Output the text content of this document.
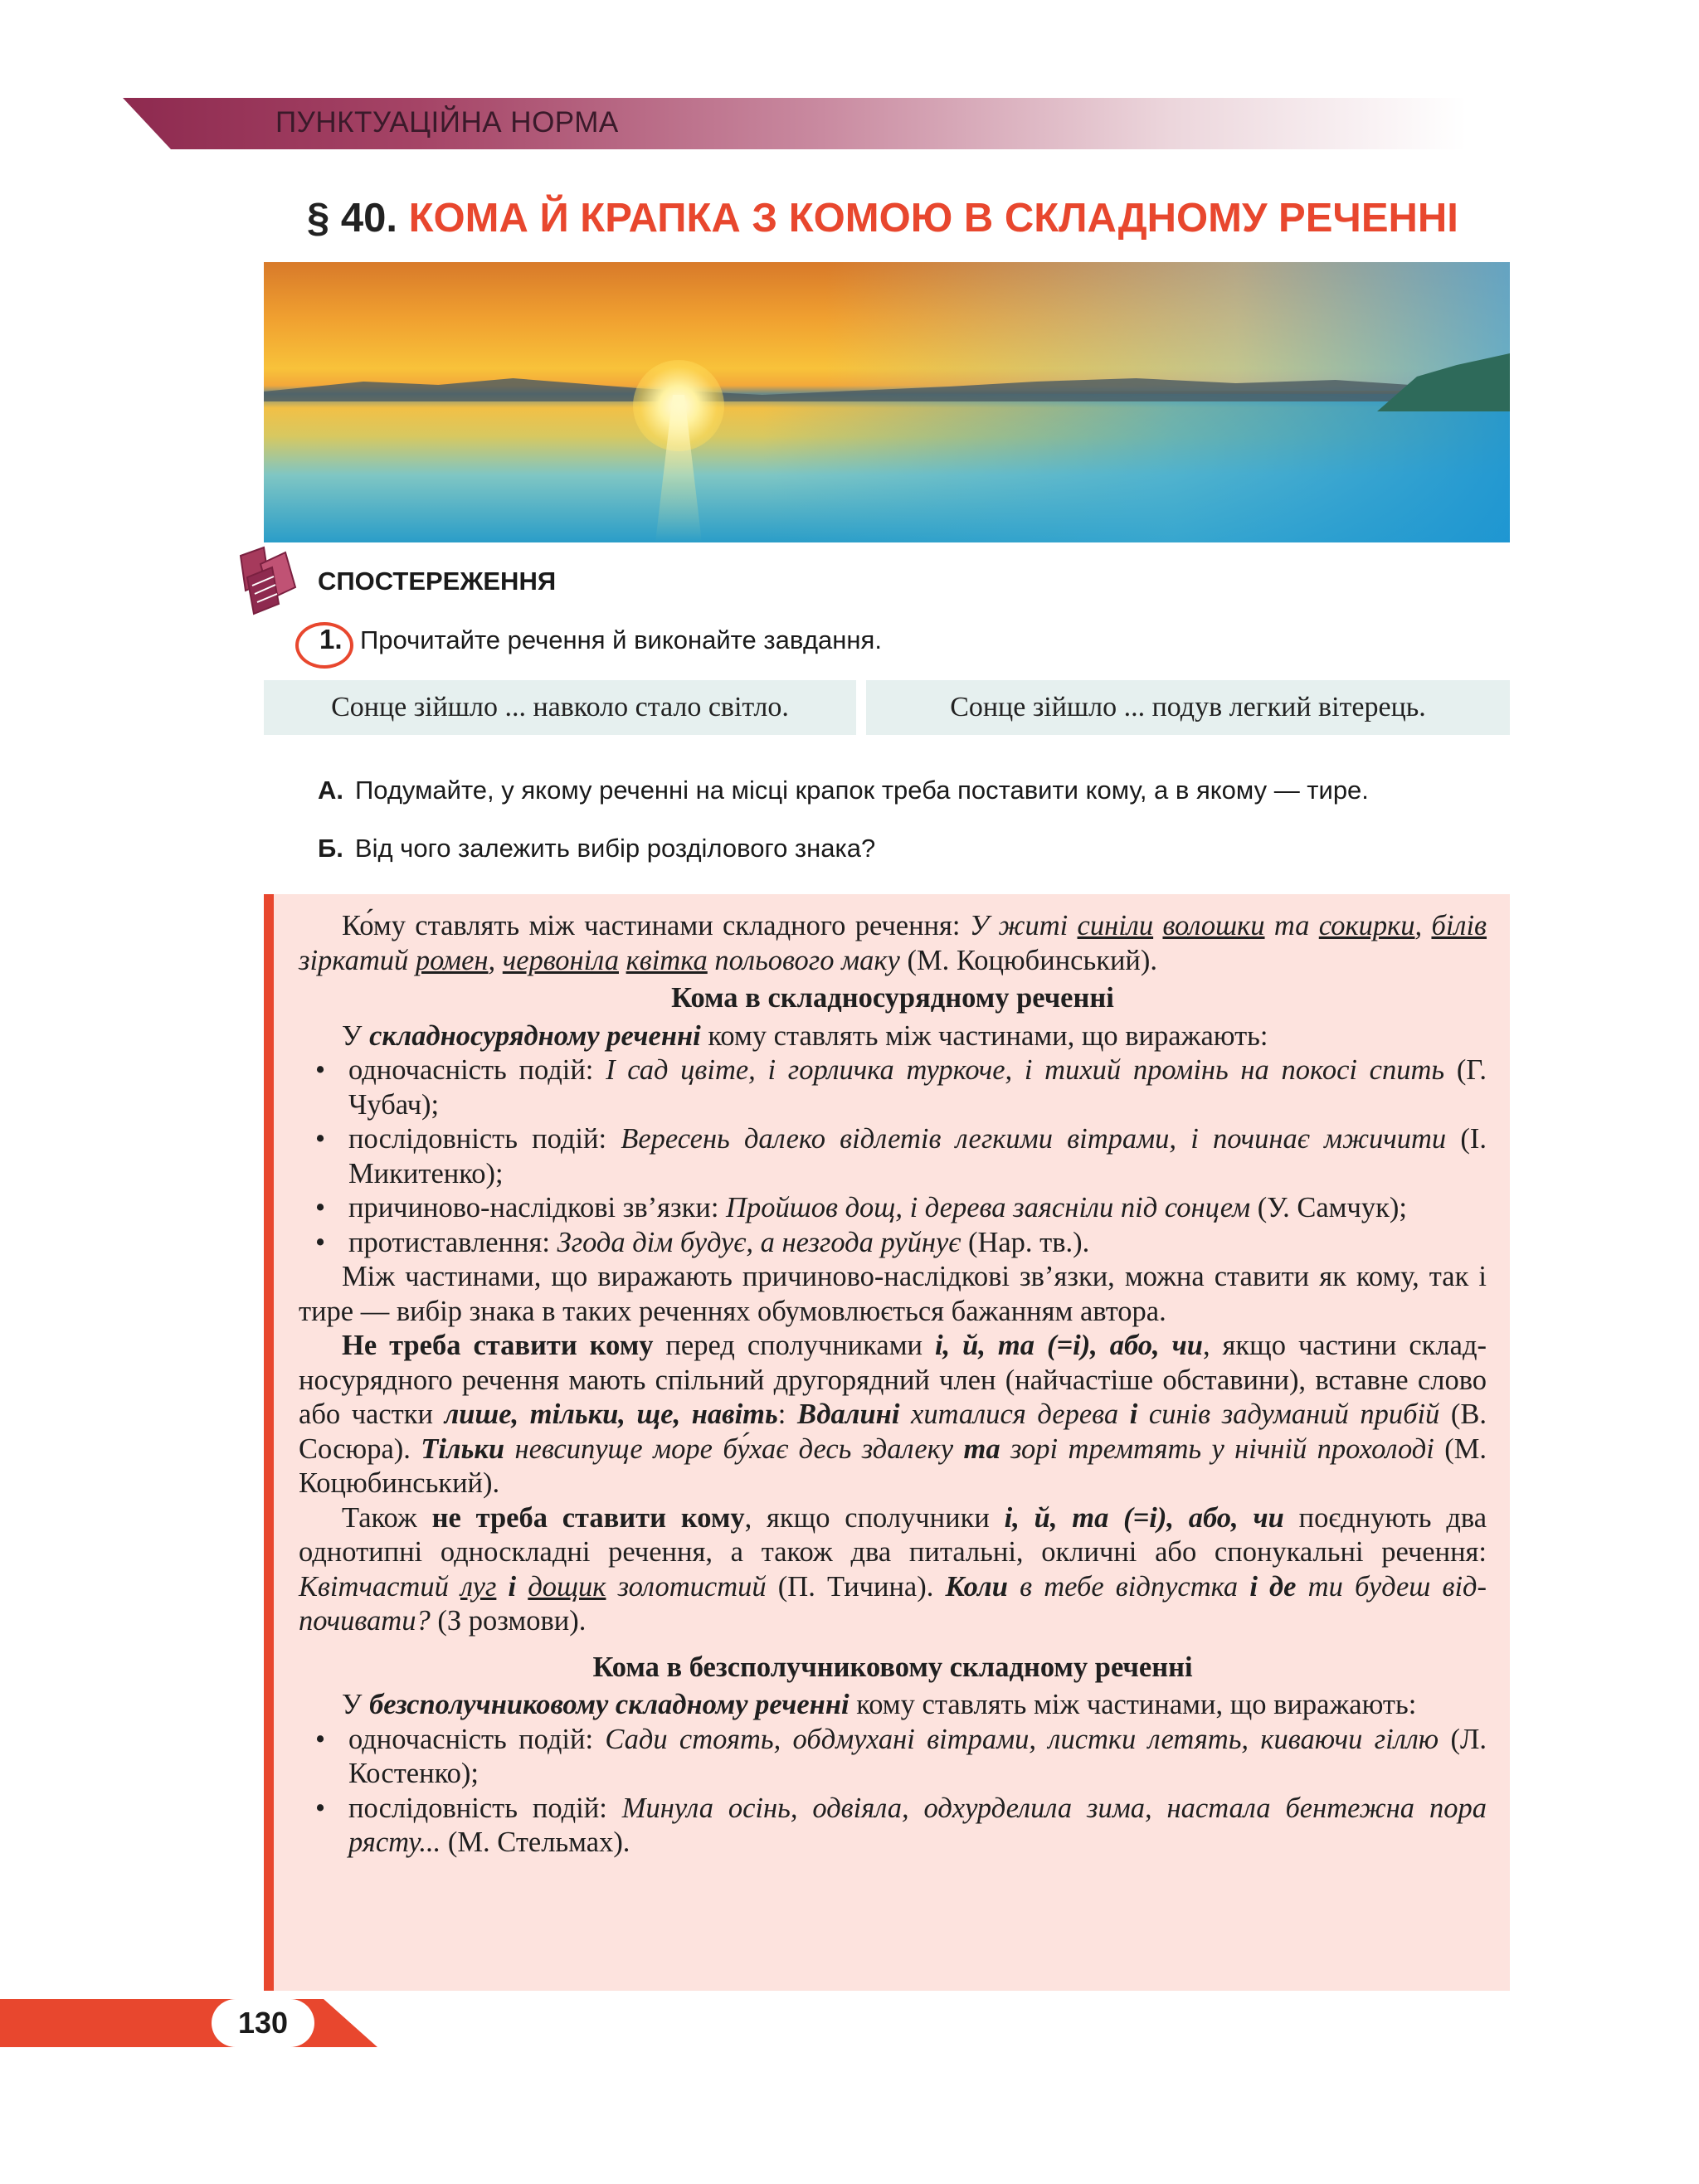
ПУНКТУАЦІЙНА НОРМА
§ 40. КОМА Й КРАПКА З КОМОЮ В СКЛАДНОМУ РЕЧЕННІ
СПОСТЕРЕЖЕННЯ
1. Прочитайте речення й виконайте завдання.
Сонце зійшло ... навколо стало світло.	Сонце зійшло ... подув легкий вітерець.
А. Подумайте, у якому реченні на місці крапок треба поставити кому, а в якому — тире.
Б. Від чого залежить вибір розділового знака?

Ко́му ставлять між частинами складного речення: У житі синіли волошки та сокирки, білів зіркатий ромен, червоніла квітка польового маку (М. Коцюбинський).

Кома в складносурядному реченні

У складносурядному реченні кому ставлять між частинами, що виражають:

• одночасність подій: І сад цвіте, і горличка туркоче, і тихий промінь на покосі спить (Г. Чубач);
• послідовність подій: Вересень далеко відлетів легкими вітрами, і починає мжичити (І. Микитенко);
• причиново-наслідкові зв’язки: Пройшов дощ, і дерева заясніли під сонцем (У. Самчук);
• протиставлення: Згода дім будує, а незгода руйнує (Нар. тв.).

Між частинами, що виражають причиново-наслідкові зв’язки, можна ставити як кому, так і тире — вибір знака в таких реченнях обумовлюється бажанням автора.

Не треба ставити кому перед сполучниками і, й, та (=і), або, чи, якщо частини складносурядного речення мають спільний другорядний член (найчастіше обставини), вставне слово або частки лише, тільки, ще, навіть: Вдалині хиталися дерева і синів задуманий прибій (В. Сосюра). Тільки невсипуще море бу́хає десь здалеку та зорі тремтять у нічній прохолоді (М. Коцюбинський).

Також не треба ставити кому, якщо сполучники і, й, та (=і), або, чи поєднують два однотипні односкладні речення, а також два питальні, окличні або спонукальні речення: Квітчастий луг і дощик золотистий (П. Тичина). Коли в тебе відпустка і де ти будеш відпочивати? (З розмови).

Кома в безсполучниковому складному реченні

У безсполучниковому складному реченні кому ставлять між частинами, що виражають:

• одночасність подій: Сади стоять, обдмухані вітрами, листки летять, киваючи гіллю (Л. Костенко);
• послідовність подій: Минула осінь, одвіяла, одхурделила зима, настала бентежна пора рясту... (М. Стельмах).
130
